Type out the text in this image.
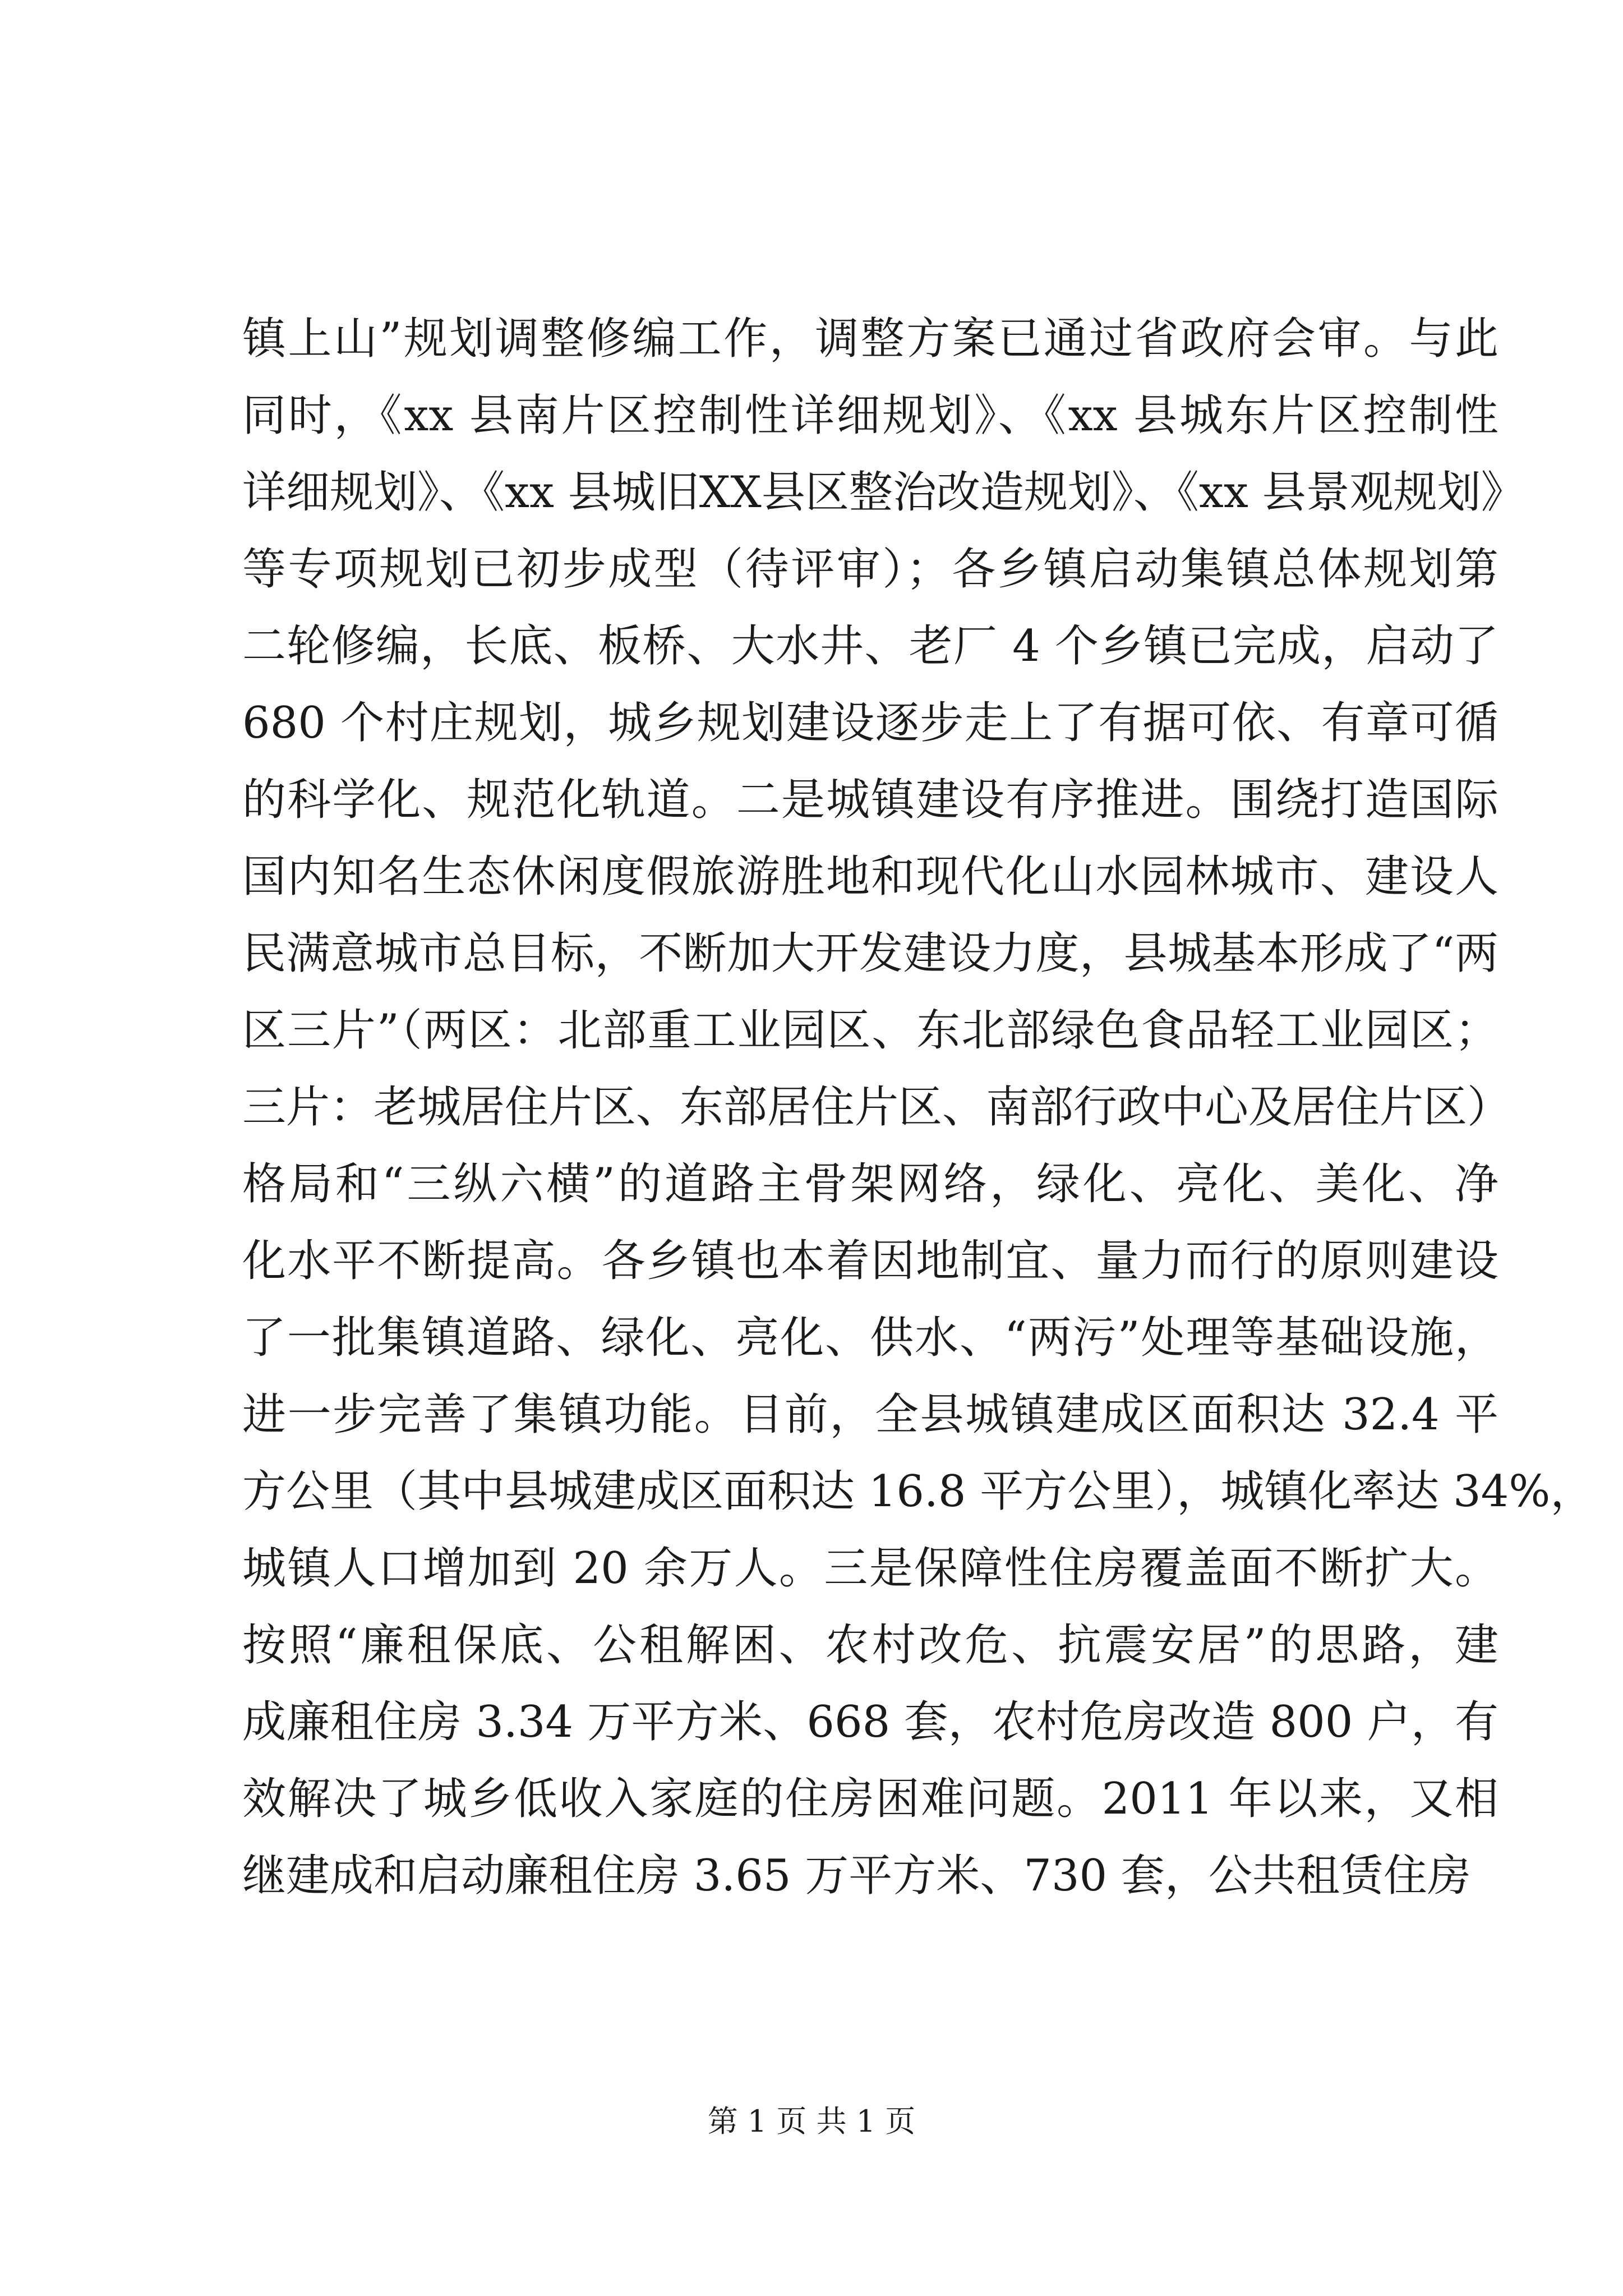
镇上山”规划调整修编工作，调整方案已通过省政府会审。与此
同时，《xx 县南片区控制性详细规划》、《xx 县城东片区控制性
详细规划》、《xx 县城旧XX县区整治改造规划》、《xx 县景观规划》
等专项规划已初步成型（待评审）；各乡镇启动集镇总体规划第
二轮修编，长底、板桥、大水井、老厂 4 个乡镇已完成，启动了
680 个村庄规划，城乡规划建设逐步走上了有据可依、有章可循
的科学化、规范化轨道。二是城镇建设有序推进。围绕打造国际
国内知名生态休闲度假旅游胜地和现代化山水园林城市、建设人
民满意城市总目标，不断加大开发建设力度，县城基本形成了“两
区三片”（两区：北部重工业园区、东北部绿色食品轻工业园区；
三片：老城居住片区、东部居住片区、南部行政中心及居住片区）
格局和“三纵六横”的道路主骨架网络，绿化、亮化、美化、净
化水平不断提高。各乡镇也本着因地制宜、量力而行的原则建设
了一批集镇道路、绿化、亮化、供水、“两污”处理等基础设施，
进一步完善了集镇功能。目前，全县城镇建成区面积达 32.4 平
方公里（其中县城建成区面积达 16.8 平方公里），城镇化率达 34%，
城镇人口增加到 20 余万人。三是保障性住房覆盖面不断扩大。
按照“廉租保底、公租解困、农村改危、抗震安居”的思路，建
成廉租住房 3.34 万平方米、668 套，农村危房改造 800 户，有
效解决了城乡低收入家庭的住房困难问题。2011 年以来，又相
继建成和启动廉租住房 3.65 万平方米、730 套，公共租赁住房
第 1 页 共 1 页
